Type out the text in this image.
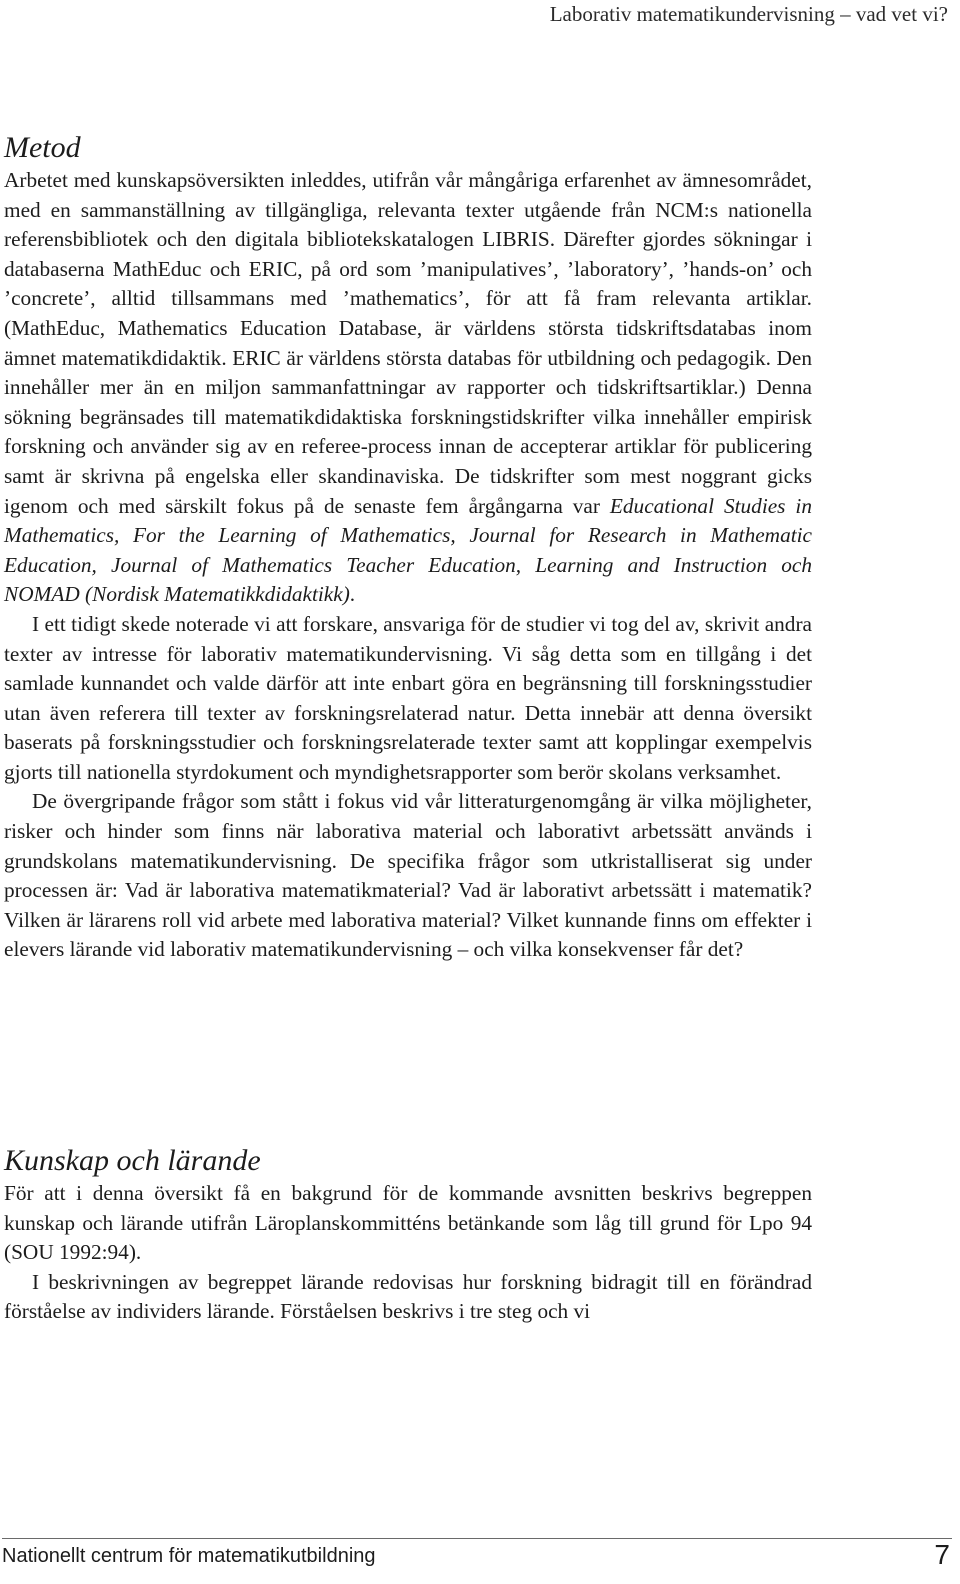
Laborativ matematikundervisning – vad vet vi?
Metod

Arbetet med kunskapsöversikten inleddes, utifrån vår mångåriga erfarenhet av ämnesområdet, med en sammanställning av tillgängliga, relevanta texter utgående från NCM:s nationella referensbibliotek och den digitala bibliotekskatalogen LIBRIS. Därefter gjordes sökningar i databaserna MathEduc och ERIC, på ord som ’manipulatives’, ’laboratory’, ’hands-on’ och ’concrete’, alltid tillsammans med ’mathematics’, för att få fram relevanta artiklar. (MathEduc, Mathematics Education Database, är världens största tidskriftsdatabas inom ämnet matematikdidaktik. ERIC är världens största databas för utbildning och pedagogik. Den innehåller mer än en miljon sammanfattningar av rapporter och tidskriftsartiklar.) Denna sökning begränsades till matematikdidaktiska forskningstidskrifter vilka innehåller empirisk forskning och använder sig av en referee-process innan de accepterar artiklar för publicering samt är skrivna på engelska eller skandinaviska. De tidskrifter som mest noggrant gicks igenom och med särskilt fokus på de senaste fem årgångarna var Educational Studies in Mathematics, For the Learning of Mathematics, Journal for Research in Mathematic Education, Journal of Mathematics Teacher Education, Learning and Instruction och NOMAD (Nordisk Matematikkdidaktikk).

I ett tidigt skede noterade vi att forskare, ansvariga för de studier vi tog del av, skrivit andra texter av intresse för laborativ matematikundervisning. Vi såg detta som en tillgång i det samlade kunnandet och valde därför att inte enbart göra en begränsning till forskningsstudier utan även referera till texter av forskningsrelaterad natur. Detta innebär att denna översikt baserats på forskningsstudier och forskningsrelaterade texter samt att kopplingar exempelvis gjorts till nationella styrdokument och myndighetsrapporter som berör skolans verksamhet.

De övergripande frågor som stått i fokus vid vår litteraturgenomgång är vilka möjligheter, risker och hinder som finns när laborativa material och laborativt arbetssätt används i grundskolans matematikundervisning. De specifika frågor som utkristalliserat sig under processen är: Vad är laborativa matematikmaterial? Vad är laborativt arbetssätt i matematik? Vilken är lärarens roll vid arbete med laborativa material? Vilket kunnande finns om effekter i elevers lärande vid laborativ matematikundervisning – och vilka konsekvenser får det?

Kunskap och lärande

För att i denna översikt få en bakgrund för de kommande avsnitten beskrivs begreppen kunskap och lärande utifrån Läroplanskommitténs betänkande som låg till grund för Lpo 94 (SOU 1992:94).

I beskrivningen av begreppet lärande redovisas hur forskning bidragit till en förändrad förståelse av individers lärande. Förståelsen beskrivs i tre steg och vi

Nationellt centrum för matematikutbildning	7
